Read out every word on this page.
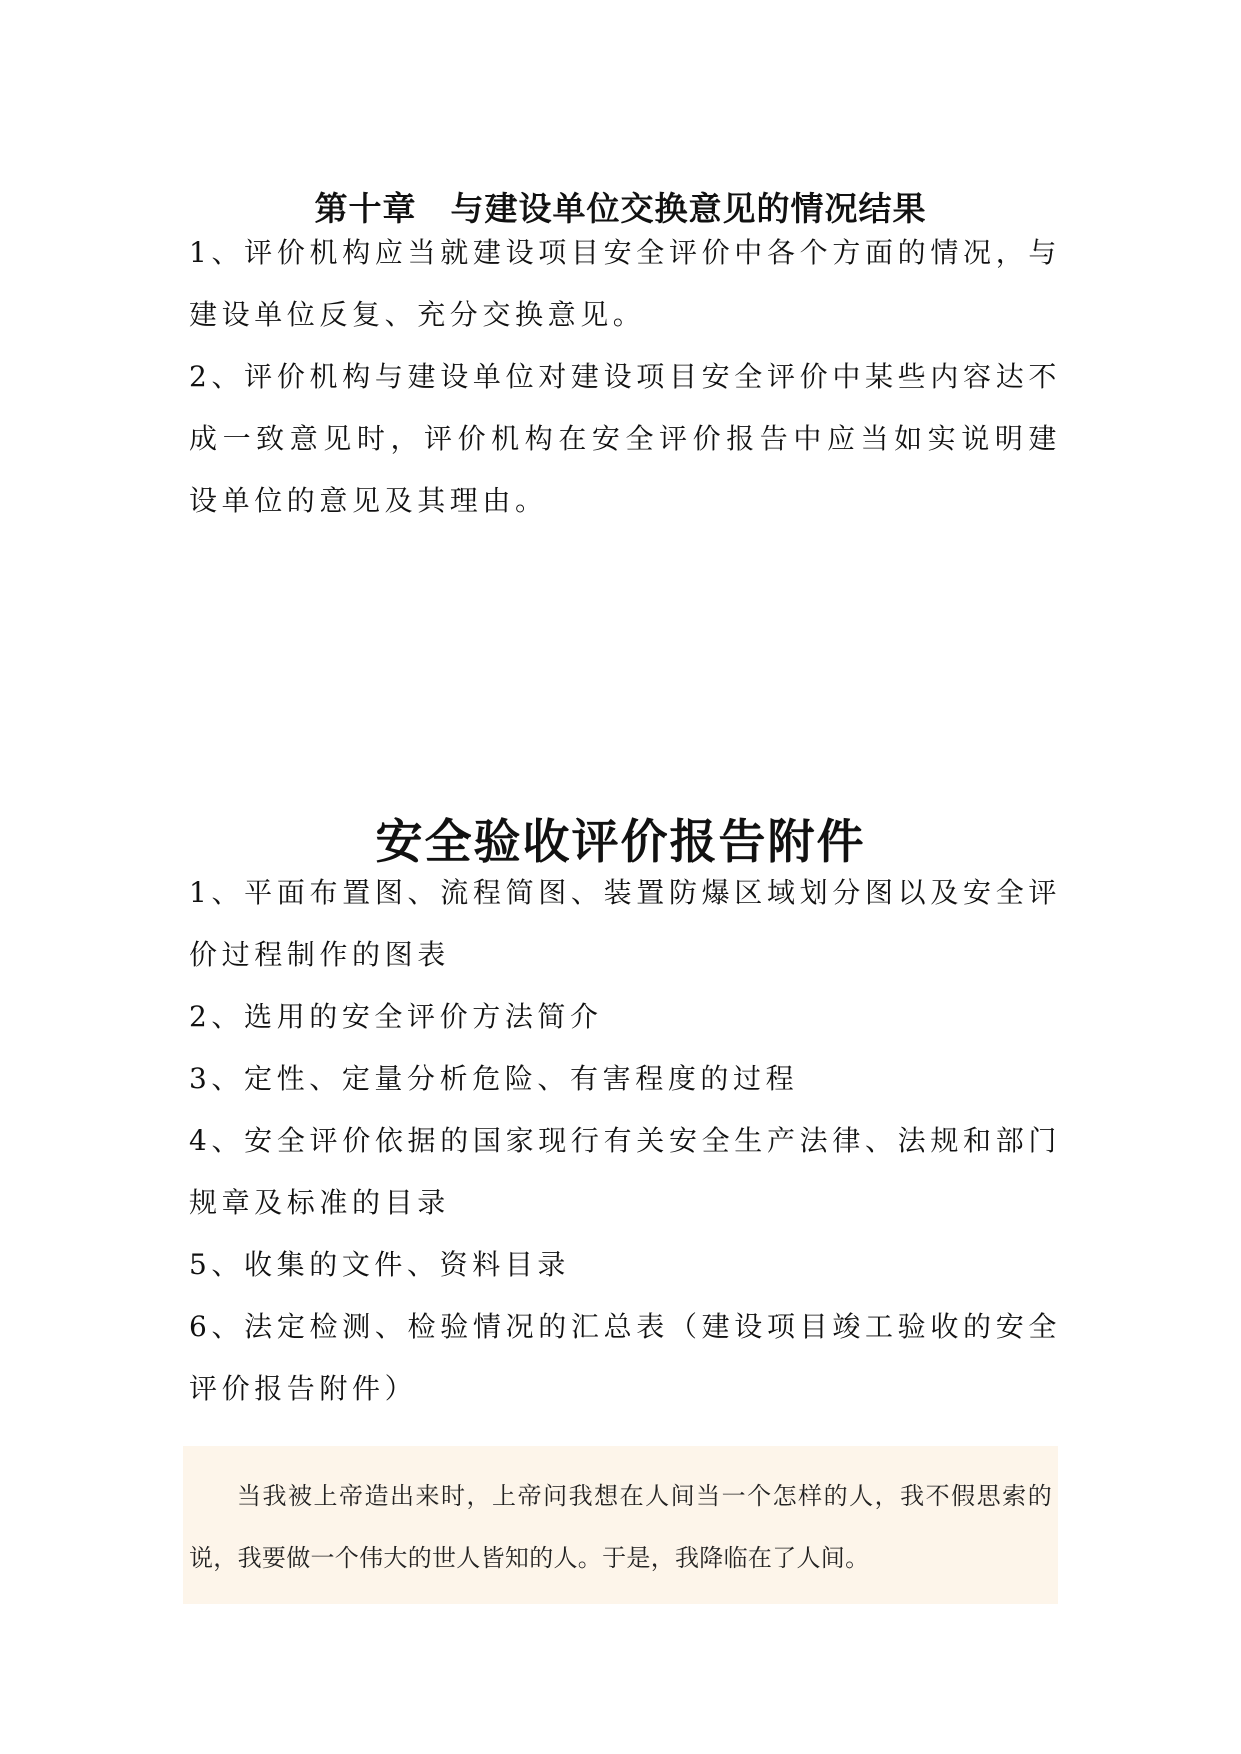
第十章　与建设单位交换意见的情况结果

1、评价机构应当就建设项目安全评价中各个方面的情况，与建设单位反复、充分交换意见。

2、评价机构与建设单位对建设项目安全评价中某些内容达不成一致意见时，评价机构在安全评价报告中应当如实说明建设单位的意见及其理由。

安全验收评价报告附件

1、平面布置图、流程简图、装置防爆区域划分图以及安全评价过程制作的图表

2、选用的安全评价方法简介

3、定性、定量分析危险、有害程度的过程

4、安全评价依据的国家现行有关安全生产法律、法规和部门规章及标准的目录

5、收集的文件、资料目录

6、法定检测、检验情况的汇总表（建设项目竣工验收的安全评价报告附件）

当我被上帝造出来时，上帝问我想在人间当一个怎样的人，我不假思索的说，我要做一个伟大的世人皆知的人。于是，我降临在了人间。
